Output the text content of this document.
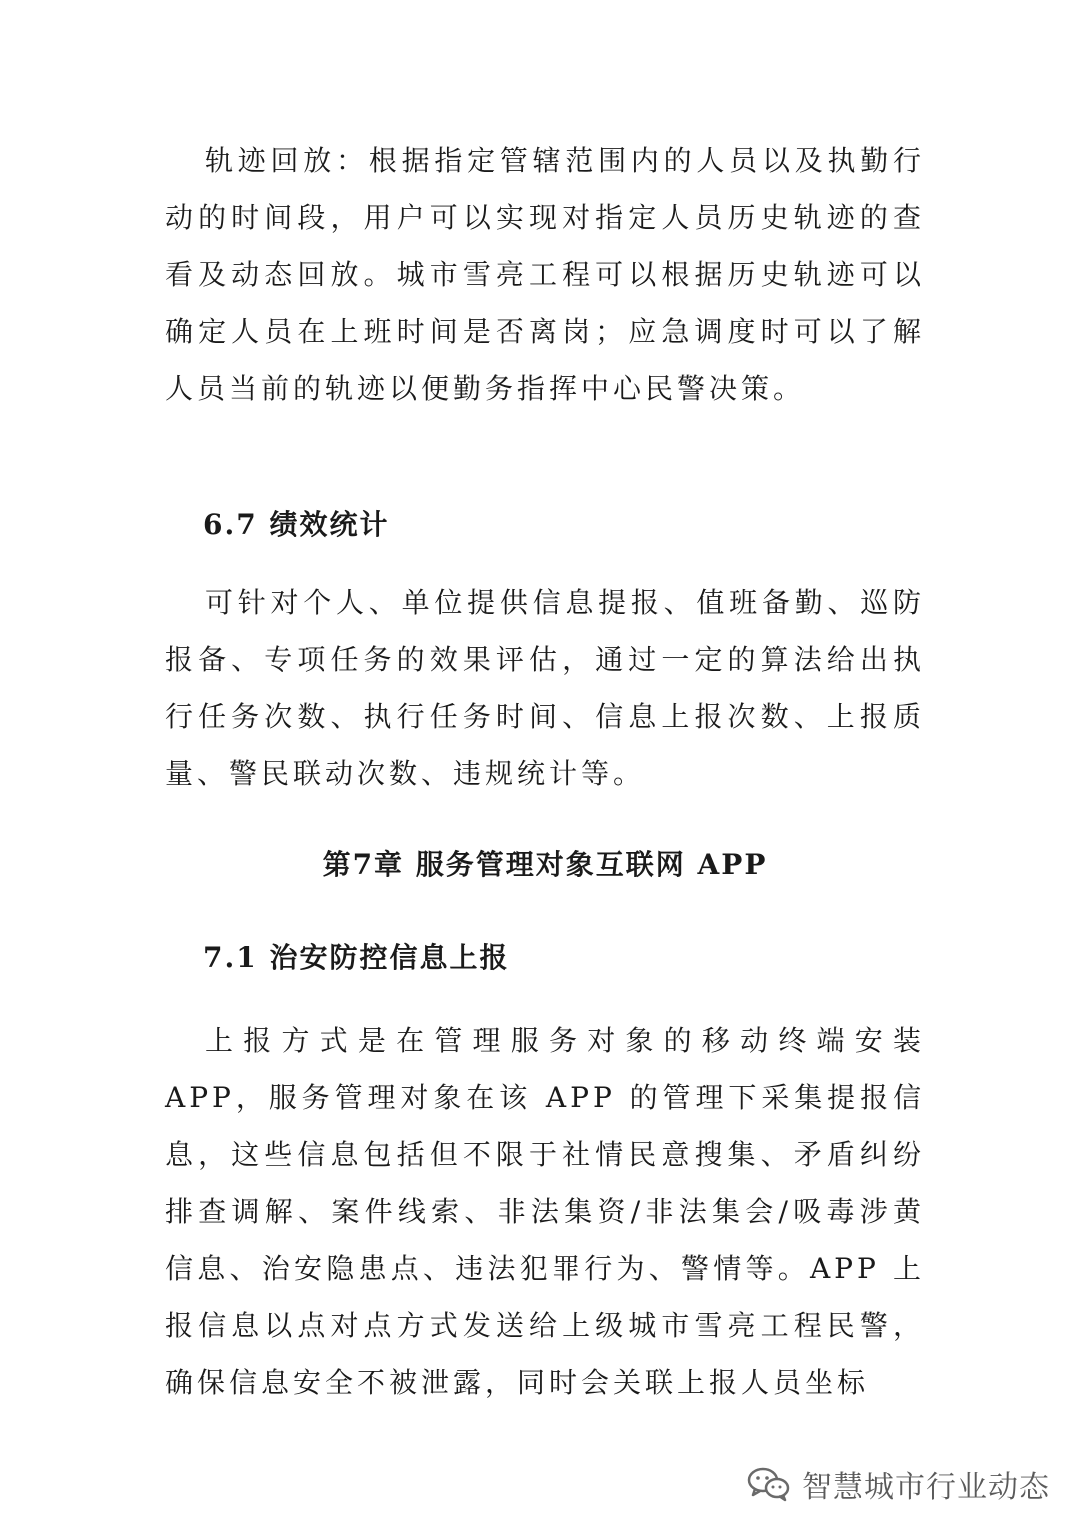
轨迹回放：根据指定管辖范围内的人员以及执勤行动的时间段，用户可以实现对指定人员历史轨迹的查看及动态回放。城市雪亮工程可以根据历史轨迹可以确定人员在上班时间是否离岗；应急调度时可以了解人员当前的轨迹以便勤务指挥中心民警决策。

6.7 绩效统计

可针对个人、单位提供信息提报、值班备勤、巡防报备、专项任务的效果评估，通过一定的算法给出执行任务次数、执行任务时间、信息上报次数、上报质量、警民联动次数、违规统计等。

第7章 服务管理对象互联网 APP
7.1 治安防控信息上报

上报方式是在管理服务对象的移动终端安装 APP，服务管理对象在该 APP 的管理下采集提报信息，这些信息包括但不限于社情民意搜集、矛盾纠纷排查调解、案件线索、非法集资/非法集会/吸毒涉黄信息、治安隐患点、违法犯罪行为、警情等。APP 上报信息以点对点方式发送给上级城市雪亮工程民警，确保信息安全不被泄露，同时会关联上报人员坐标

智慧城市行业动态
